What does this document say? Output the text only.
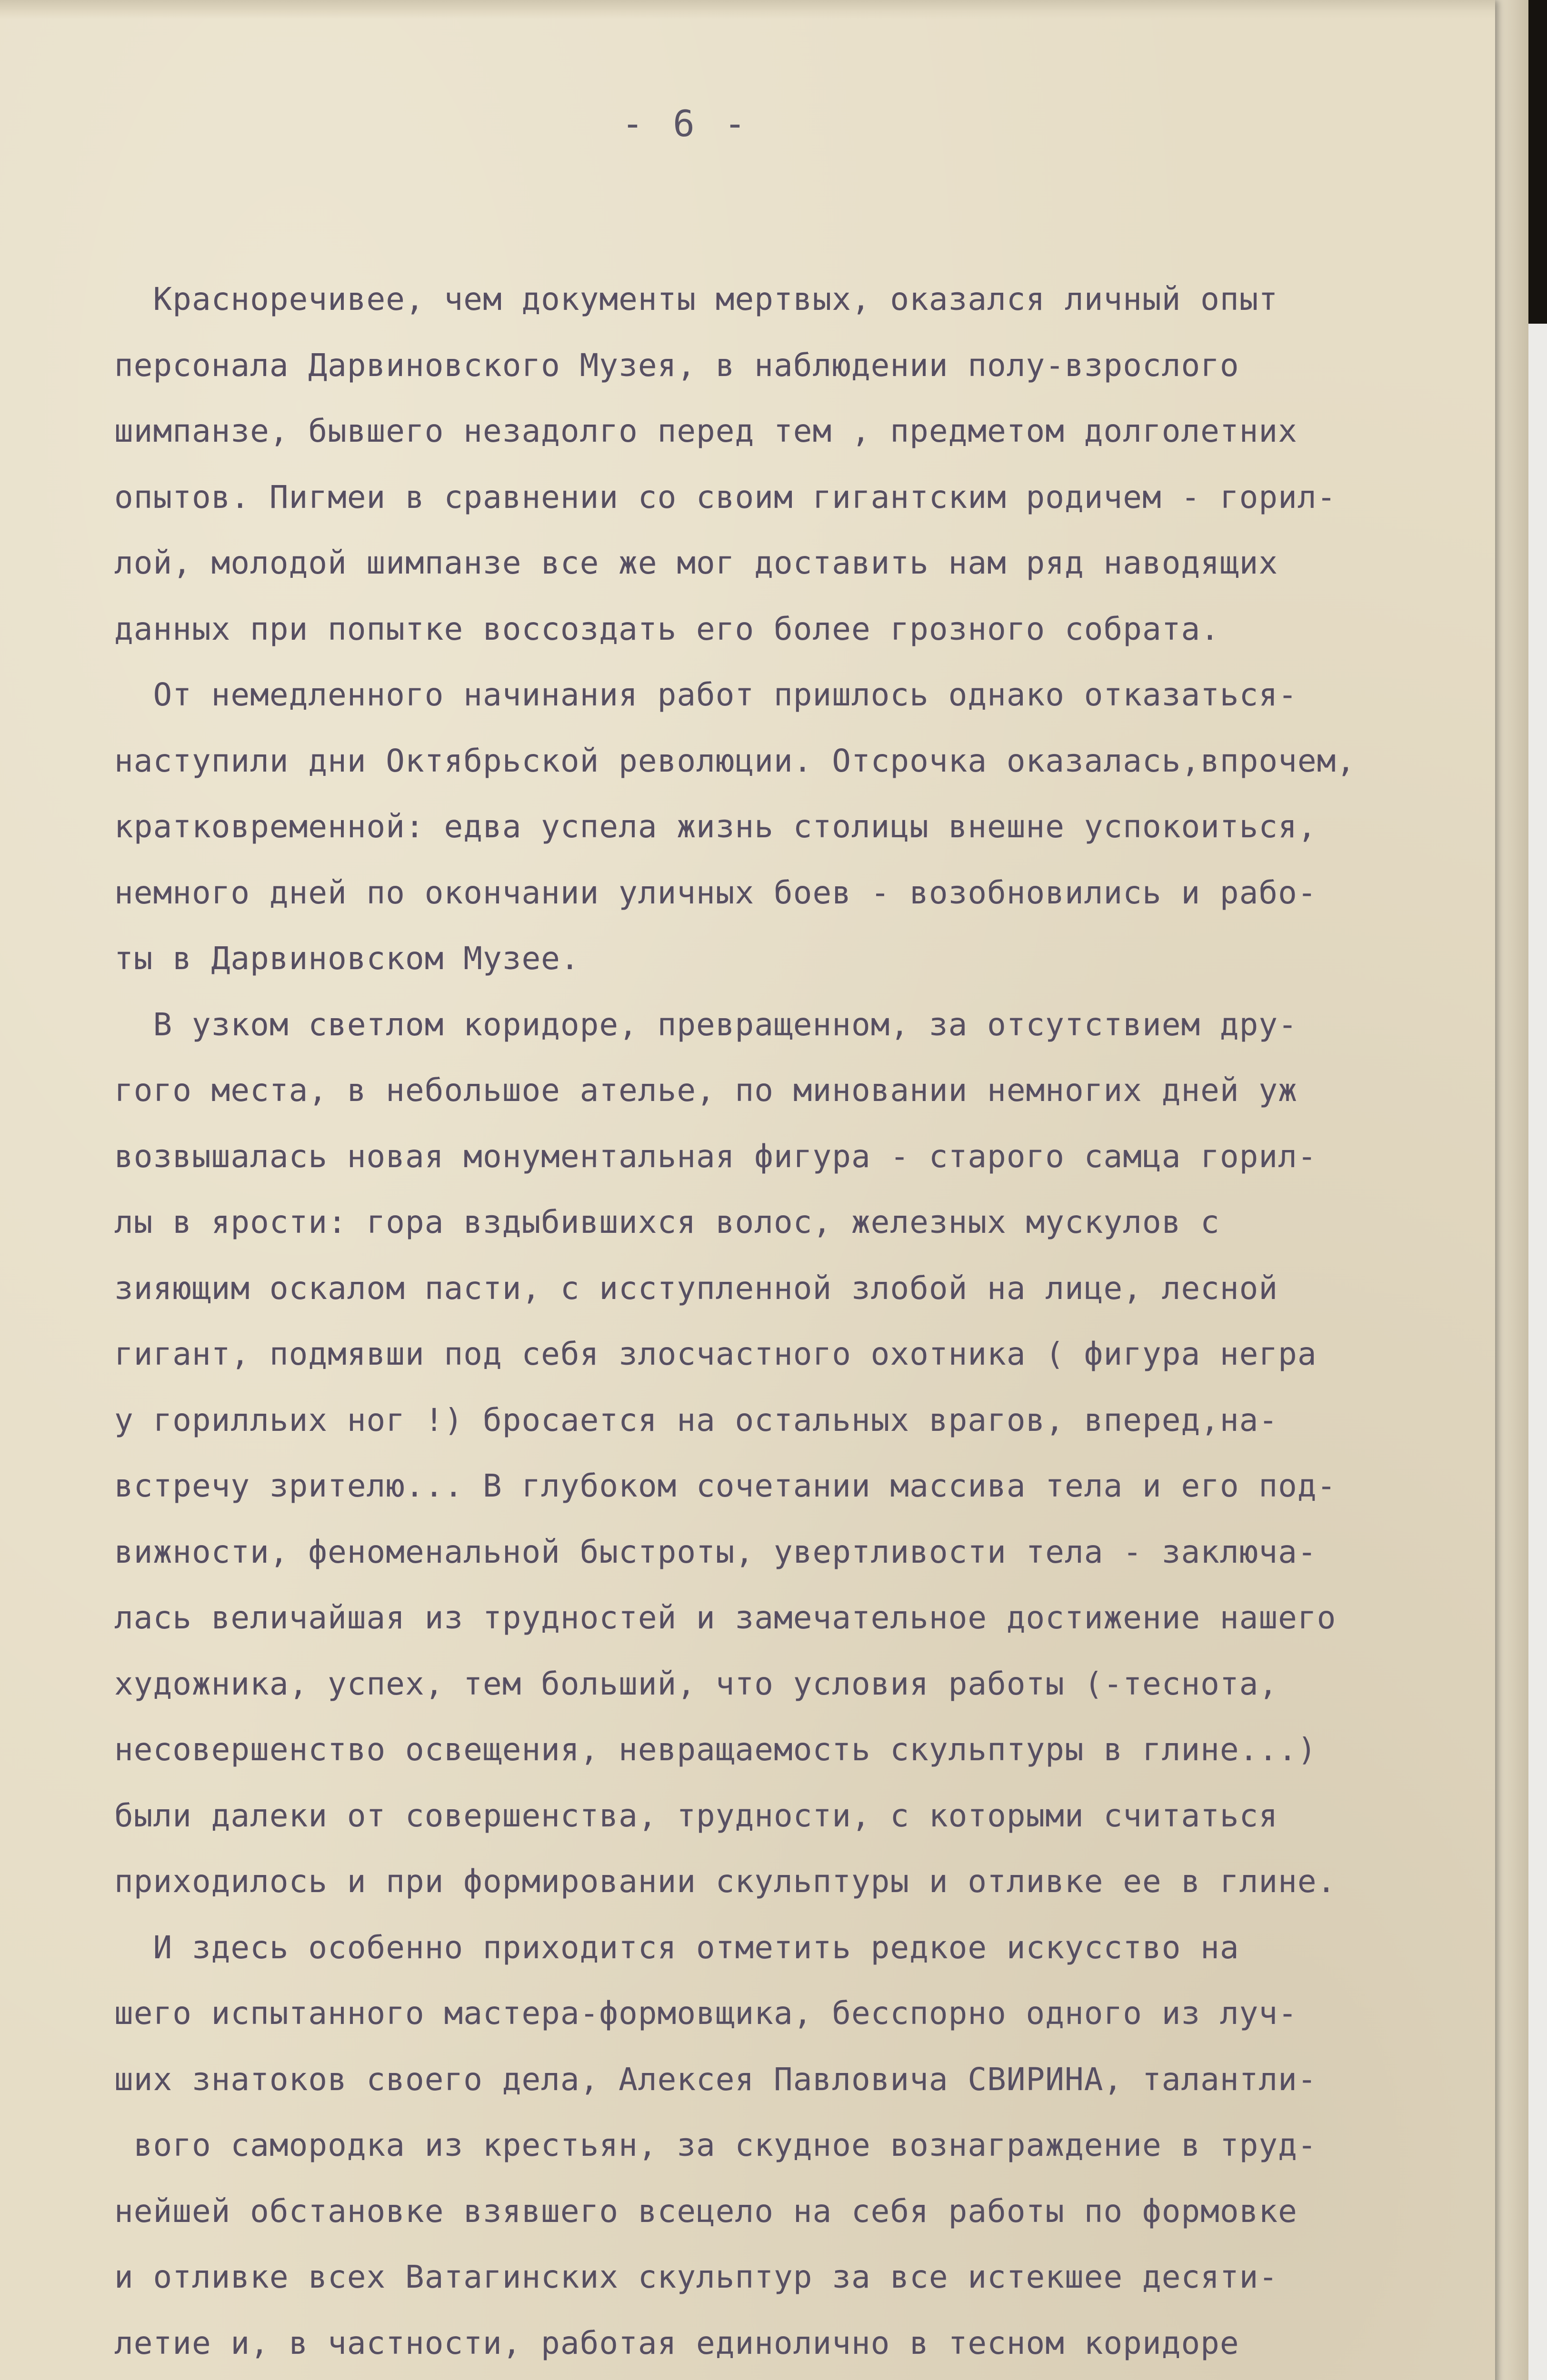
- 6 -
Красноречивее, чем документы мертвых, оказался личный опыт
персонала Дарвиновского Музея, в наблюдении полу-взрослого
шимпанзе, бывшего незадолго перед тем , предметом долголетних
опытов. Пигмеи в сравнении со своим гигантским родичем - горил-
лой, молодой шимпанзе все же мог доставить нам ряд наводящих
данных при попытке воссоздать его более грозного собрата.
От немедленного начинания работ пришлось однако отказаться-
наступили дни Октябрьской революции. Отсрочка оказалась,впрочем,
кратковременной: едва успела жизнь столицы внешне успокоиться,
немного дней по окончании уличных боев - возобновились и рабо-
ты в Дарвиновском Музее.
В узком светлом коридоре, превращенном, за отсутствием дру-
гого места, в небольшое ателье, по миновании немногих дней уж
возвышалась новая монументальная фигура - старого самца горил-
лы в ярости: гора вздыбившихся волос, железных мускулов с
зияющим оскалом пасти, с исступленной злобой на лице, лесной
гигант, подмявши под себя злосчастного охотника ( фигура негра
у горилльих ног !) бросается на остальных врагов, вперед,на-
встречу зрителю... В глубоком сочетании массива тела и его под-
вижности, феноменальной быстроты, увертливости тела - заключа-
лась величайшая из трудностей и замечательное достижение нашего
художника, успех, тем больший, что условия работы (-теснота,
несовершенство освещения, невращаемость скульптуры в глине...)
были далеки от совершенства, трудности, с которыми считаться
приходилось и при формировании скульптуры и отливке ее в глине.
И здесь особенно приходится отметить редкое искусство на
шего испытанного мастера-формовщика, бесспорно одного из луч-
ших знатоков своего дела, Алексея Павловича СВИРИНА, талантли-
вого самородка из крестьян, за скудное вознаграждение в труд-
нейшей обстановке взявшего всецело на себя работы по формовке
и отливке всех Ватагинских скульптур за все истекшее десяти-
летие и, в частности, работая единолично в тесном коридоре
